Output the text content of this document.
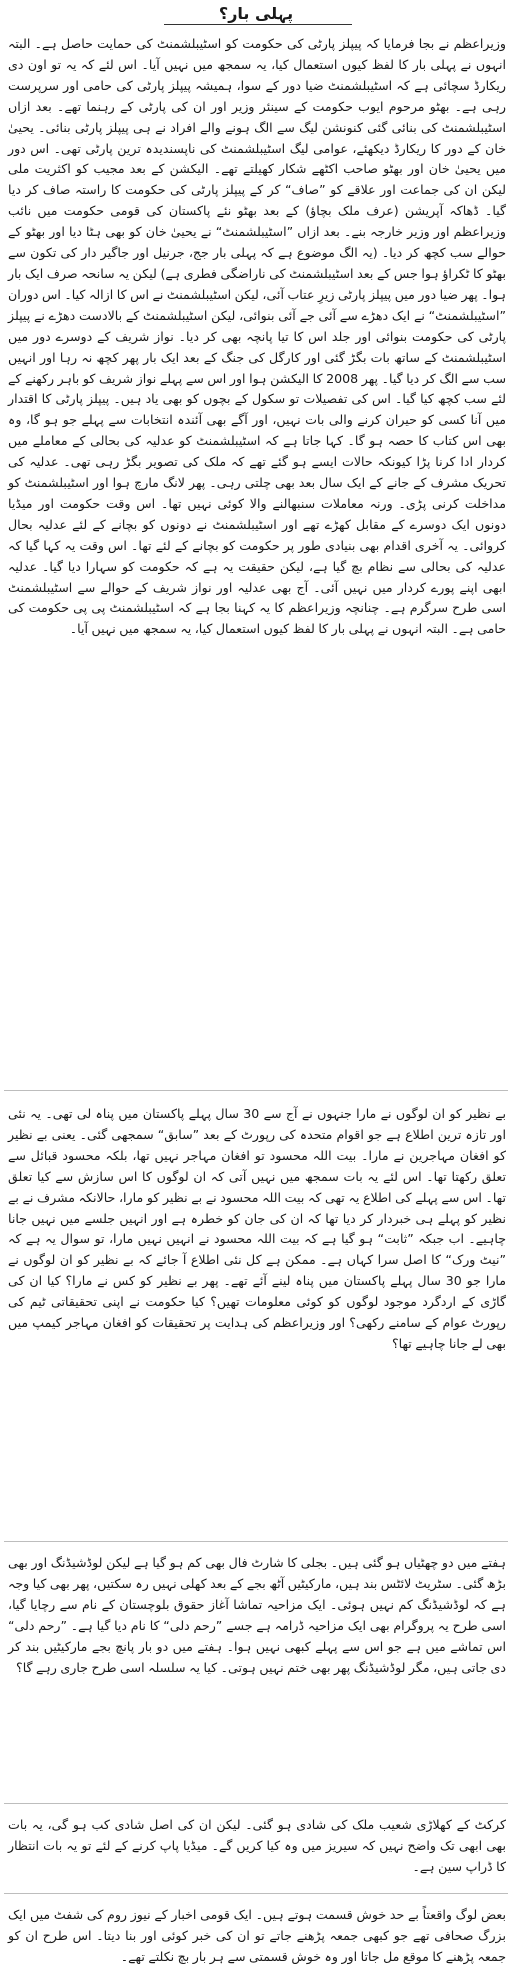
پہلی بار؟

وزیراعظم نے بجا فرمایا کہ پیپلز پارٹی کی حکومت کو اسٹیبلشمنٹ کی حمایت حاصل ہے۔ البتہ انہوں نے پہلی بار کا لفظ کیوں استعمال کیا، یہ سمجھ میں نہیں آیا۔ اس لئے کہ یہ تو اون دی ریکارڈ سچائی ہے کہ اسٹیبلشمنٹ ضیا دور کے سوا، ہمیشہ پیپلز پارٹی کی حامی اور سرپرست رہی ہے۔ بھٹو مرحوم ایوب حکومت کے سینئر وزیر اور ان کی پارٹی کے رہنما تھے۔ بعد ازاں اسٹیبلشمنٹ کی بنائی گئی کنونشن لیگ سے الگ ہونے والے افراد نے ہی پیپلز پارٹی بنائی۔ یحییٰ خان کے دور کا ریکارڈ دیکھئے، عوامی لیگ اسٹیبلشمنٹ کی ناپسندیدہ ترین پارٹی تھی۔ اس دور میں یحییٰ خان اور بھٹو صاحب اکٹھے شکار کھیلتے تھے۔ الیکشن کے بعد مجیب کو اکثریت ملی لیکن ان کی جماعت اور علاقے کو ”صاف“ کر کے پیپلز پارٹی کی حکومت کا راستہ صاف کر دیا گیا۔ ڈھاکہ آپریشن (عرف ملک بچاؤ) کے بعد بھٹو نئے پاکستان کی قومی حکومت میں نائب وزیراعظم اور وزیر خارجہ بنے۔ بعد ازاں ”اسٹیبلشمنٹ“ نے یحییٰ خان کو بھی ہٹا دیا اور بھٹو کے حوالے سب کچھ کر دیا۔ (یہ الگ موضوع ہے کہ پہلی بار جج، جرنیل اور جاگیر دار کی تکون سے بھٹو کا ٹکراؤ ہوا جس کے بعد اسٹیبلشمنٹ کی ناراضگی فطری ہے) لیکن یہ سانحہ صرف ایک بار ہوا۔ پھر ضیا دور میں پیپلز پارٹی زیرِ عتاب آئی، لیکن اسٹیبلشمنٹ نے اس کا ازالہ کیا۔ اس دوران ”اسٹیبلشمنٹ“ نے ایک دھڑے سے آئی جے آئی بنوائی، لیکن اسٹیبلشمنٹ کے بالادست دھڑے نے پیپلز پارٹی کی حکومت بنوائی اور جلد اس کا تیا پانچہ بھی کر دیا۔ نواز شریف کے دوسرے دور میں اسٹیبلشمنٹ کے ساتھ بات بگڑ گئی اور کارگل کی جنگ کے بعد ایک بار پھر کچھ نہ رہا اور انہیں سب سے الگ کر دیا گیا۔ پھر 2008 کا الیکشن ہوا اور اس سے پہلے نواز شریف کو باہر رکھنے کے لئے سب کچھ کیا گیا۔ اس کی تفصیلات تو سکول کے بچوں کو بھی یاد ہیں۔ پیپلز پارٹی کا اقتدار میں آنا کسی کو حیران کرنے والی بات نہیں، اور آگے بھی آئندہ انتخابات سے پہلے جو ہو گا، وہ بھی اس کتاب کا حصہ ہو گا۔ کہا جاتا ہے کہ اسٹیبلشمنٹ کو عدلیہ کی بحالی کے معاملے میں کردار ادا کرنا پڑا کیونکہ حالات ایسے ہو گئے تھے کہ ملک کی تصویر بگڑ رہی تھی۔ عدلیہ کی تحریک مشرف کے جانے کے ایک سال بعد بھی چلتی رہی۔ پھر لانگ مارچ ہوا اور اسٹیبلشمنٹ کو مداخلت کرنی پڑی۔ ورنہ معاملات سنبھالنے والا کوئی نہیں تھا۔ اس وقت حکومت اور میڈیا دونوں ایک دوسرے کے مقابل کھڑے تھے اور اسٹیبلشمنٹ نے دونوں کو بچانے کے لئے عدلیہ بحال کروائی۔ یہ آخری اقدام بھی بنیادی طور پر حکومت کو بچانے کے لئے تھا۔ اس وقت یہ کہا گیا کہ عدلیہ کی بحالی سے نظام بچ گیا ہے، لیکن حقیقت یہ ہے کہ حکومت کو سہارا دیا گیا۔ عدلیہ ابھی اپنے پورے کردار میں نہیں آئی۔ آج بھی عدلیہ اور نواز شریف کے حوالے سے اسٹیبلشمنٹ اسی طرح سرگرم ہے۔ چنانچہ وزیراعظم کا یہ کہنا بجا ہے کہ اسٹیبلشمنٹ پی پی حکومت کی حامی ہے۔ البتہ انہوں نے پہلی بار کا لفظ کیوں استعمال کیا، یہ سمجھ میں نہیں آیا۔

بے نظیر کو ان لوگوں نے مارا جنہوں نے آج سے 30 سال پہلے پاکستان میں پناہ لی تھی۔ یہ نئی اور تازہ ترین اطلاع ہے جو اقوام متحدہ کی رپورٹ کے بعد ”سابق“ سمجھی گئی۔ یعنی بے نظیر کو افغان مہاجرین نے مارا۔ بیت اللہ محسود تو افغان مہاجر نہیں تھا، بلکہ محسود قبائل سے تعلق رکھتا تھا۔ اس لئے یہ بات سمجھ میں نہیں آتی کہ ان لوگوں کا اس سازش سے کیا تعلق تھا۔ اس سے پہلے کی اطلاع یہ تھی کہ بیت اللہ محسود نے بے نظیر کو مارا، حالانکہ مشرف نے بے نظیر کو پہلے ہی خبردار کر دیا تھا کہ ان کی جان کو خطرہ ہے اور انہیں جلسے میں نہیں جانا چاہیے۔ اب جبکہ ”ثابت“ ہو گیا ہے کہ بیت اللہ محسود نے انہیں نہیں مارا، تو سوال یہ ہے کہ ”نیٹ ورک“ کا اصل سرا کہاں ہے۔ ممکن ہے کل نئی اطلاع آ جائے کہ بے نظیر کو ان لوگوں نے مارا جو 30 سال پہلے پاکستان میں پناہ لینے آئے تھے۔ پھر بے نظیر کو کس نے مارا؟ کیا ان کی گاڑی کے اردگرد موجود لوگوں کو کوئی معلومات تھیں؟ کیا حکومت نے اپنی تحقیقاتی ٹیم کی رپورٹ عوام کے سامنے رکھی؟ اور وزیراعظم کی ہدایت پر تحقیقات کو افغان مہاجر کیمپ میں بھی لے جانا چاہیے تھا؟

ہفتے میں دو چھٹیاں ہو گئی ہیں۔ بجلی کا شارٹ فال بھی کم ہو گیا ہے لیکن لوڈشیڈنگ اور بھی بڑھ گئی۔ سٹریٹ لائٹس بند ہیں، مارکیٹیں آٹھ بجے کے بعد کھلی نہیں رہ سکتیں، پھر بھی کیا وجہ ہے کہ لوڈشیڈنگ کم نہیں ہوئی۔ ایک مزاحیہ تماشا آغاز حقوق بلوچستان کے نام سے رچایا گیا، اسی طرح یہ پروگرام بھی ایک مزاحیہ ڈرامہ ہے جسے ”رحم دلی“ کا نام دیا گیا ہے۔ ”رحم دلی“ اس تماشے میں ہے جو اس سے پہلے کبھی نہیں ہوا۔ ہفتے میں دو بار پانچ بجے مارکیٹیں بند کر دی جاتی ہیں، مگر لوڈشیڈنگ پھر بھی ختم نہیں ہوتی۔ کیا یہ سلسلہ اسی طرح جاری رہے گا؟

کرکٹ کے کھلاڑی شعیب ملک کی شادی ہو گئی۔ لیکن ان کی اصل شادی کب ہو گی، یہ بات بھی ابھی تک واضح نہیں کہ سیریز میں وہ کیا کریں گے۔ میڈیا پاپ کرنے کے لئے تو یہ بات انتظار کا ڈراپ سین ہے۔

بعض لوگ واقعتاً بے حد خوش قسمت ہوتے ہیں۔ ایک قومی اخبار کے نیوز روم کی شفٹ میں ایک بزرگ صحافی تھے جو کبھی جمعہ پڑھنے جاتے تو ان کی خبر کوئی اور بنا دیتا۔ اس طرح ان کو جمعہ پڑھنے کا موقع مل جاتا اور وہ خوش قسمتی سے ہر بار بچ نکلتے تھے۔
